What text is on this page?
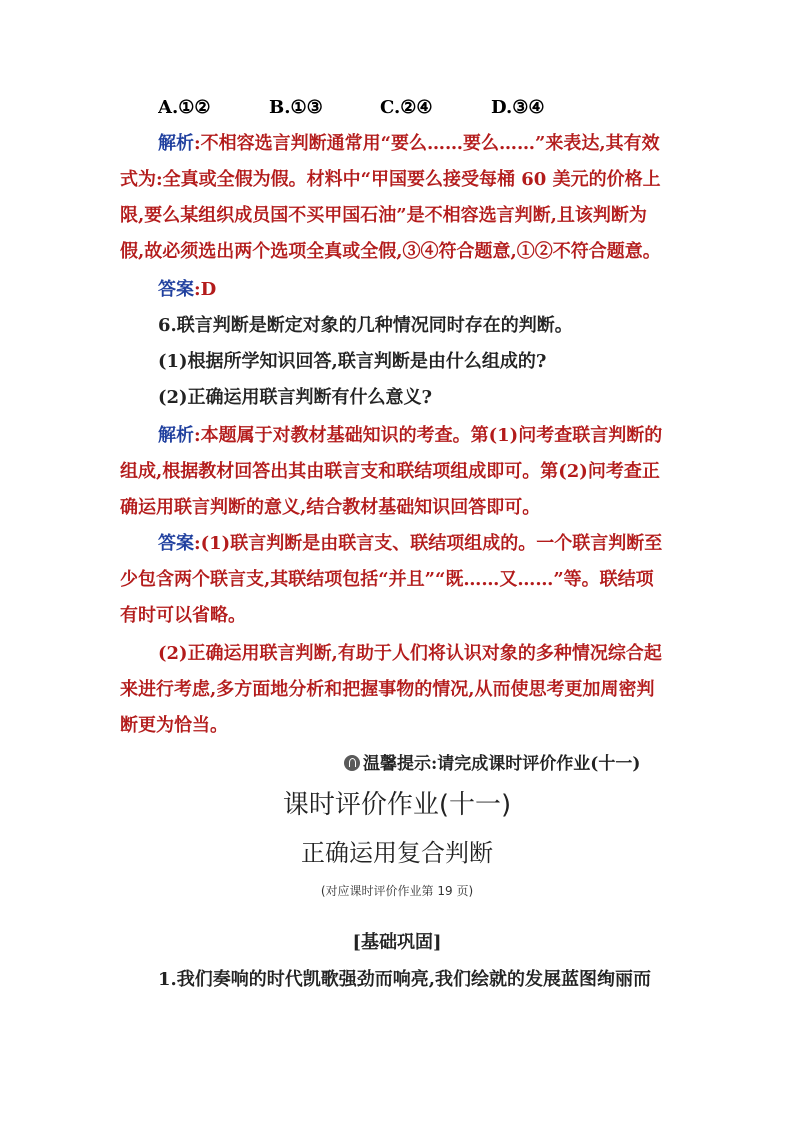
A.①②	B.①③	C.②④	D.③④

解析:不相容选言判断通常用“要么……要么……”来表达,其有效

式为:全真或全假为假。材料中“甲国要么接受每桶 60 美元的价格上

限,要么某组织成员国不买甲国石油”是不相容选言判断,且该判断为

假,故必须选出两个选项全真或全假,③④符合题意,①②不符合题意。

答案:D

6.联言判断是断定对象的几种情况同时存在的判断。

(1)根据所学知识回答,联言判断是由什么组成的?

(2)正确运用联言判断有什么意义?

解析:本题属于对教材基础知识的考查。第(1)问考查联言判断的

组成,根据教材回答出其由联言支和联结项组成即可。第(2)问考查正

确运用联言判断的意义,结合教材基础知识回答即可。

答案:(1)联言判断是由联言支、联结项组成的。一个联言判断至

少包含两个联言支,其联结项包括“并且”“既……又……”等。联结项

有时可以省略。

(2)正确运用联言判断,有助于人们将认识对象的多种情况综合起

来进行考虑,多方面地分析和把握事物的情况,从而使思考更加周密判

断更为恰当。

温馨提示:请完成课时评价作业(十一)

课时评价作业(十一)

正确运用复合判断

(对应课时评价作业第 19 页)

[基础巩固]

1.我们奏响的时代凯歌强劲而响亮,我们绘就的发展蓝图绚丽而
